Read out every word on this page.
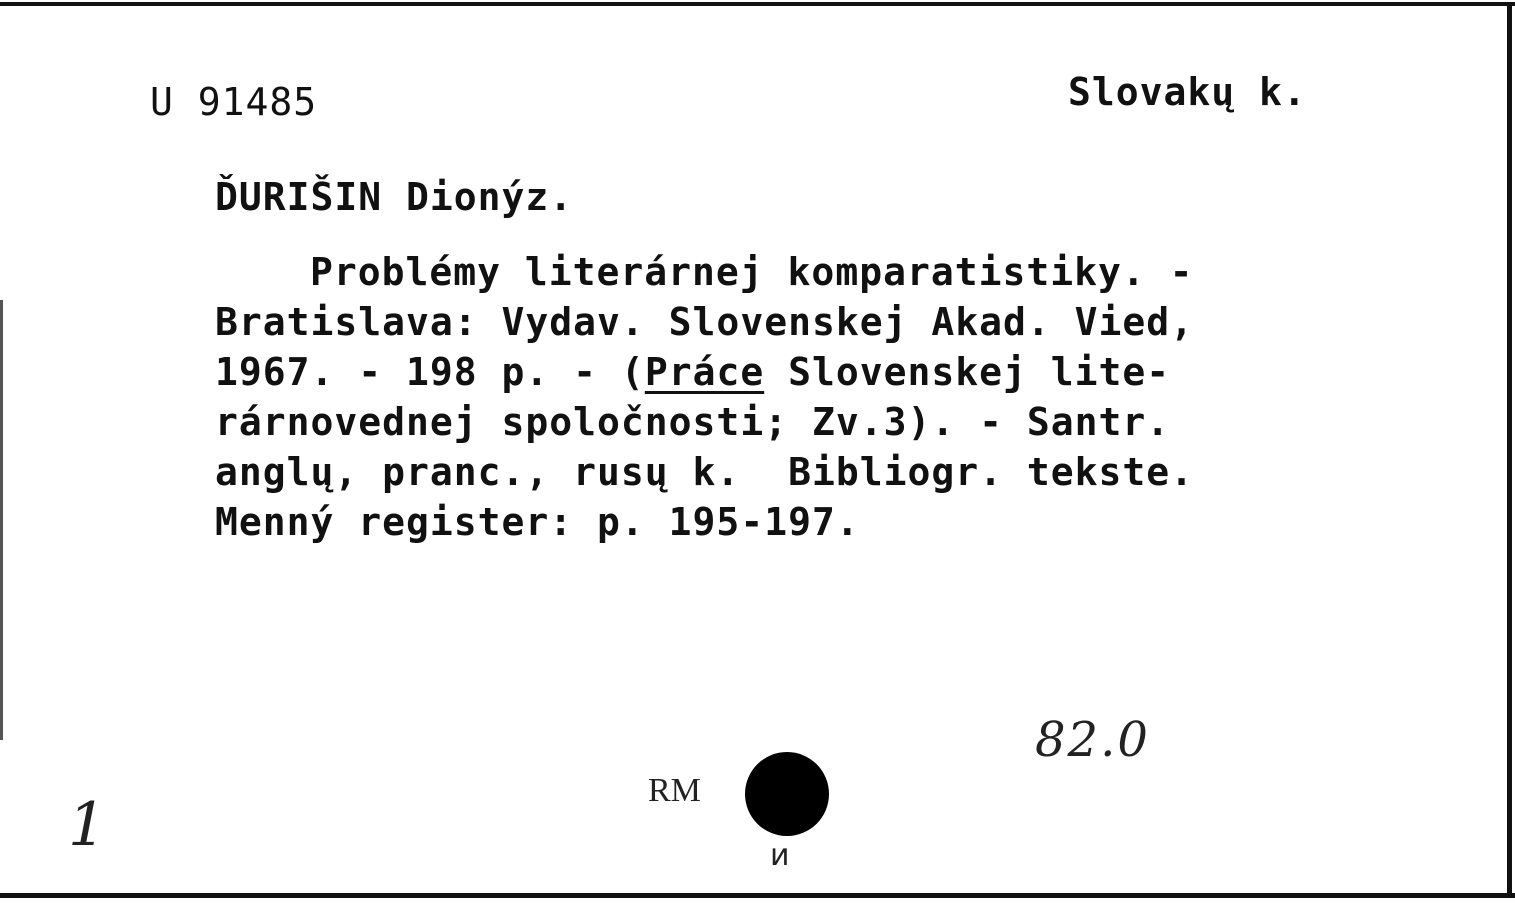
U 91485	Slovakų k.
ĎURIŠIN Dionýz.
Problémy literárnej komparatistiky. -
Bratislava: Vydav. Slovenskej Akad. Vied,
1967. - 198 p. - (Práce Slovenskej lite-
rárnovednej spoločnosti; Zv.3). - Santr.
anglų, pranc., rusų k.  Bibliogr. tekste.
Menný register: p. 195-197.
82.0
RM
и
1
